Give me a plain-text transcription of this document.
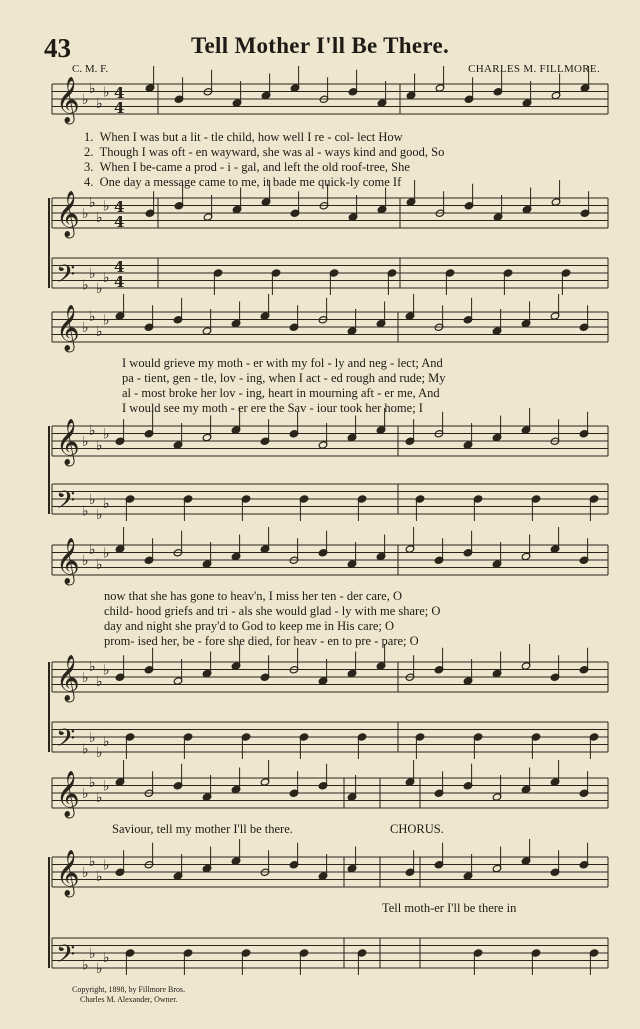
43	Tell Mother I'll Be There.
C. M. F.	CHARLES M. FILLMORE.
𝄞 ♭
♭
♭
♭ 4
4
𝄞 ♭
♭
♭
♭ 4
4
𝄢 ♭
♭
♭
♭
4
4
𝄞 ♭
♭
♭
♭
𝄞 ♭
♭
♭
♭
𝄢 ♭
♭
♭
♭
𝄞 ♭
♭
♭
♭
𝄞 ♭
♭
♭
♭
𝄢 ♭
♭
♭
♭
𝄞 ♭
♭
♭
♭
𝄞 ♭
♭
♭
♭
𝄢 ♭
♭
♭
♭
1. When I was but a lit - tle child, how well I re - col- lect How
2. Though I was oft - en wayward, she was al - ways kind and good, So
3. When I be-came a prod - i - gal, and left the old roof-tree, She
4. One day a message came to me, it bade me quick-ly come If
I would grieve my moth - er with my fol - ly and neg - lect; And
pa - tient, gen - tle, lov - ing, when I act - ed rough and rude; My
al - most broke her lov - ing, heart in mourning aft - er me, And
I would see my moth - er ere the Sav - iour took her home; I
now that she has gone to heav'n, I miss her ten - der care, O
child- hood griefs and tri - als she would glad - ly with me share; O
day and night she pray'd to God to keep me in His care; O
prom- ised her, be - fore she died, for heav - en to pre - pare; O
Saviour, tell my mother I'll be there.	CHORUS.
Tell moth-er I'll be there in
Copyright, 1898, by Fillmore Bros.
Charles M. Alexander, Owner.
